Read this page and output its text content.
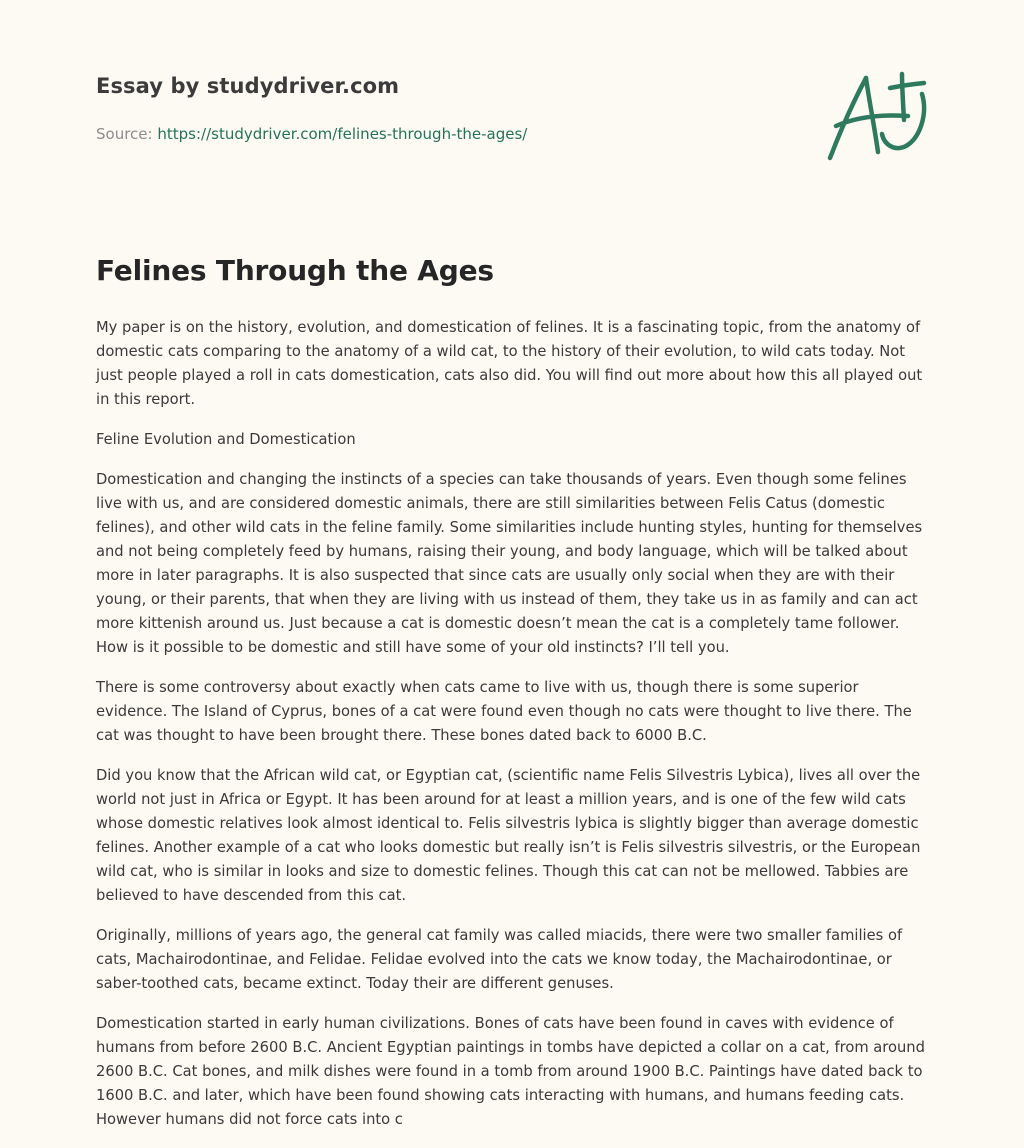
Essay by studydriver.com
Source: https://studydriver.com/felines-through-the-ages/
Felines Through the Ages

My paper is on the history, evolution, and domestication of felines. It is a fascinating topic, from the anatomy of domestic cats comparing to the anatomy of a wild cat, to the history of their evolution, to wild cats today. Not just people played a roll in cats domestication, cats also did. You will find out more about how this all played out in this report.

Feline Evolution and Domestication

Domestication and changing the instincts of a species can take thousands of years. Even though some felines live with us, and are considered domestic animals, there are still similarities between Felis Catus (domestic felines), and other wild cats in the feline family. Some similarities include hunting styles, hunting for themselves and not being completely feed by humans, raising their young, and body language, which will be talked about more in later paragraphs. It is also suspected that since cats are usually only social when they are with their young, or their parents, that when they are living with us instead of them, they take us in as family and can act more kittenish around us. Just because a cat is domestic doesn’t mean the cat is a completely tame follower. How is it possible to be domestic and still have some of your old instincts? I’ll tell you.

There is some controversy about exactly when cats came to live with us, though there is some superior evidence. The Island of Cyprus, bones of a cat were found even though no cats were thought to live there. The cat was thought to have been brought there. These bones dated back to 6000 B.C.

Did you know that the African wild cat, or Egyptian cat, (scientific name Felis Silvestris Lybica), lives all over the world not just in Africa or Egypt. It has been around for at least a million years, and is one of the few wild cats whose domestic relatives look almost identical to. Felis silvestris lybica is slightly bigger than average domestic felines. Another example of a cat who looks domestic but really isn’t is Felis silvestris silvestris, or the European wild cat, who is similar in looks and size to domestic felines. Though this cat can not be mellowed. Tabbies are believed to have descended from this cat.

Originally, millions of years ago, the general cat family was called miacids, there were two smaller families of cats, Machairodontinae, and Felidae. Felidae evolved into the cats we know today, the Machairodontinae, or saber-toothed cats, became extinct. Today their are different genuses.

Domestication started in early human civilizations. Bones of cats have been found in caves with evidence of humans from before 2600 B.C. Ancient Egyptian paintings in tombs have depicted a collar on a cat, from around 2600 B.C. Cat bones, and milk dishes were found in a tomb from around 1900 B.C. Paintings have dated back to 1600 B.C. and later, which have been found showing cats interacting with humans, and humans feeding cats. However humans did not force cats into c
